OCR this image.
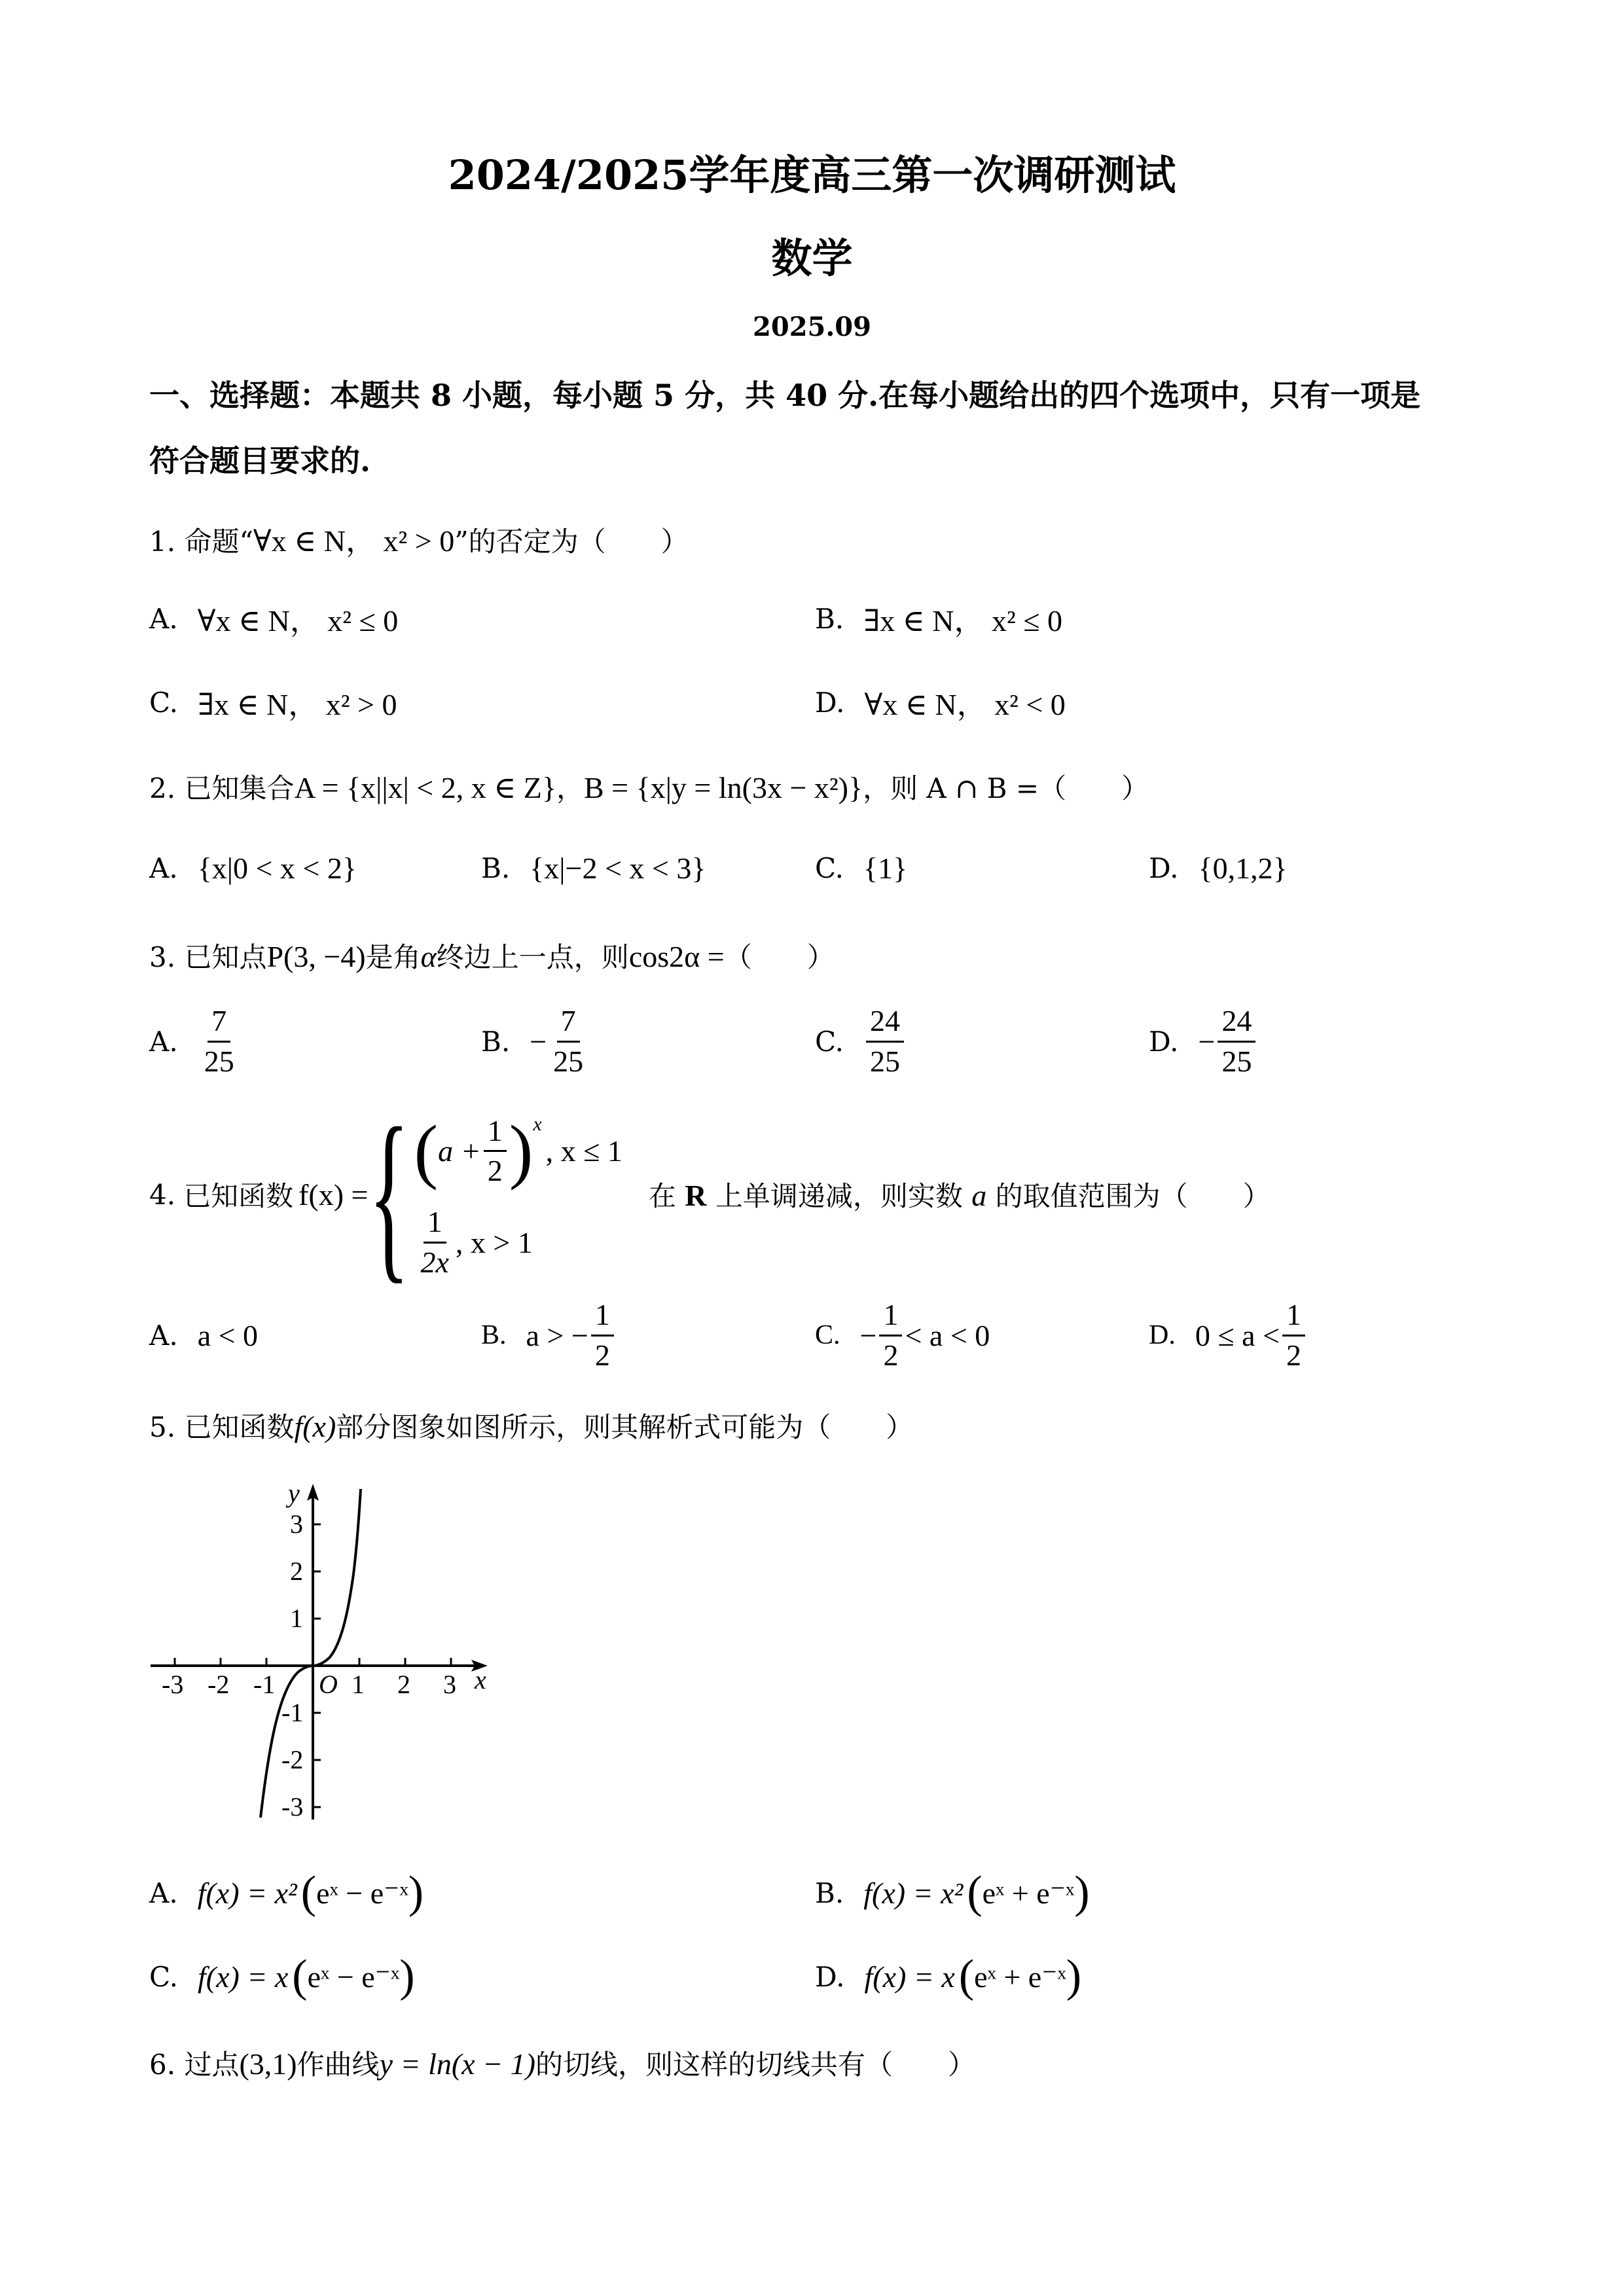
2024/2025学年度高三第一次调研测试
数学
2025.09
一、选择题：本题共 8 小题，每小题 5 分，共 40 分.在每小题给出的四个选项中，只有一项是
符合题目要求的.
1. 命题“∀x ∈ N， x² > 0”的否定为（　　）
A. ∀x ∈ N， x² ≤ 0	B. ∃x ∈ N， x² ≤ 0
C. ∃x ∈ N， x² > 0	D. ∀x ∈ N， x² < 0
2. 已知集合A = {x||x| < 2, x ∈ Z}，B = {x|y = ln(3x − x²)}，则 A ∩ B =（　　）
A. {x|0 < x < 2}	B. {x|−2 < x < 3}	C. {1}	D. {0,1,2}
3. 已知点P(3, −4)是角α终边上一点，则cos2α =（　　）
A. $\frac{7}{25}$	B. − $\frac{7}{25}$	C. $\frac{24}{25}$	D. − $\frac{24}{25}$
4. 已知函数 f(x) = { ( $a + \frac{1}{2}$ ) x
, x ≤ 1
$\frac{1}{2x}$ , x > 1
在 R 上单调递减，则实数 a 的取值范围为（　　）
A. a < 0	B. a > − $\frac{1}{2}$	C. − $\frac{1}{2} < a < 0$	D. $0 \le a < \frac{1}{2}$
5. 已知函数f(x)部分图象如图所示，则其解析式可能为（　　）
-3 -2 -1	1 2 3
3
2
1
-1
-2
-3
O	x
y
A. f(x) = x² ( eˣ − e⁻ˣ )	B. f(x) = x² ( eˣ + e⁻ˣ )
C. f(x) = x ( eˣ − e⁻ˣ )	D. f(x) = x ( eˣ + e⁻ˣ )
6. 过点(3,1)作曲线y = ln(x − 1)的切线，则这样的切线共有（　　）
